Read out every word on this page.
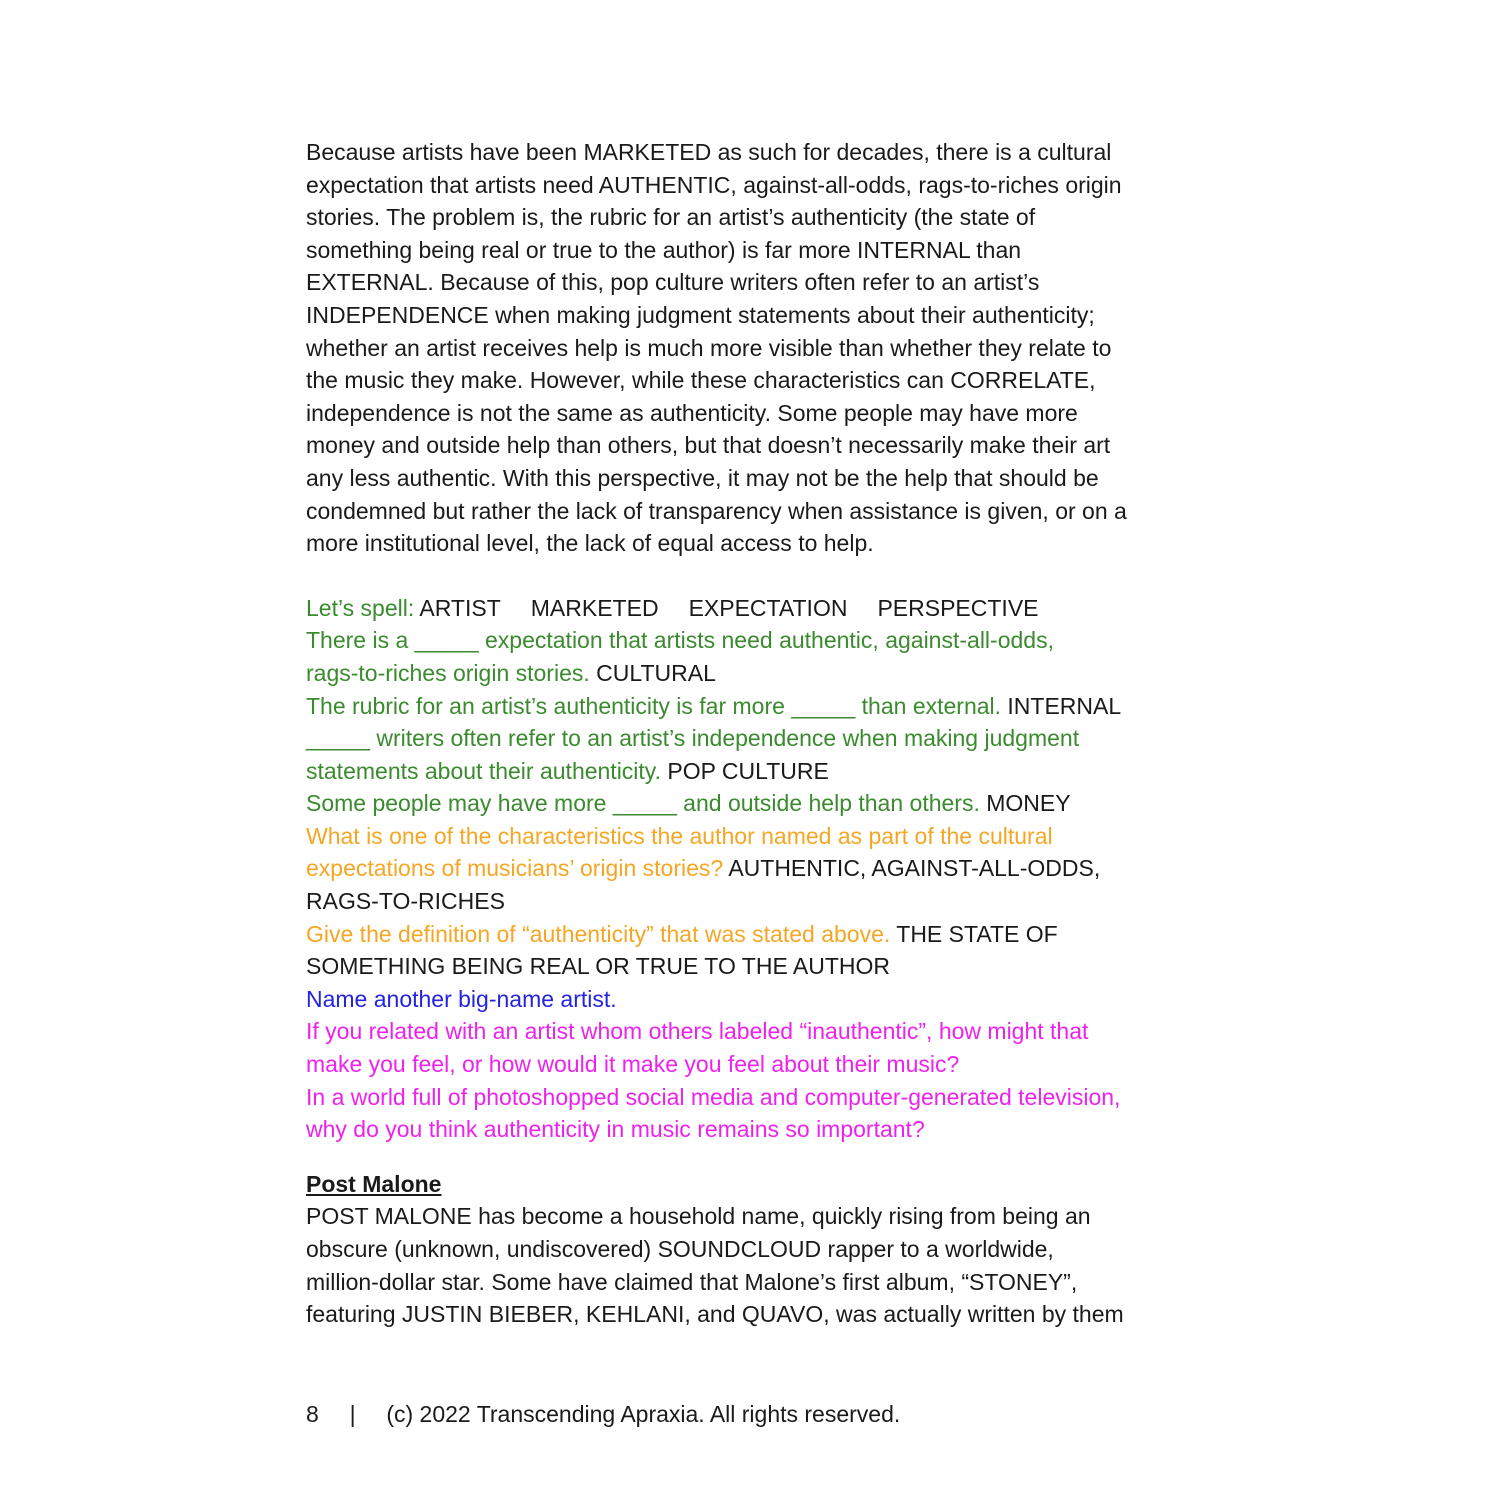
Because artists have been MARKETED as such for decades, there is a cultural
expectation that artists need AUTHENTIC, against-all-odds, rags-to-riches origin
stories. The problem is, the rubric for an artist’s authenticity (the state of
something being real or true to the author) is far more INTERNAL than
EXTERNAL. Because of this, pop culture writers often refer to an artist’s
INDEPENDENCE when making judgment statements about their authenticity;
whether an artist receives help is much more visible than whether they relate to
the music they make. However, while these characteristics can CORRELATE,
independence is not the same as authenticity. Some people may have more
money and outside help than others, but that doesn’t necessarily make their art
any less authentic. With this perspective, it may not be the help that should be
condemned but rather the lack of transparency when assistance is given, or on a
more institutional level, the lack of equal access to help.
Let’s spell: ARTIST MARKETED EXPECTATION PERSPECTIVE
There is a _____ expectation that artists need authentic, against-all-odds,
rags-to-riches origin stories. CULTURAL
The rubric for an artist’s authenticity is far more _____ than external. INTERNAL
_____ writers often refer to an artist’s independence when making judgment
statements about their authenticity. POP CULTURE
Some people may have more _____ and outside help than others. MONEY
What is one of the characteristics the author named as part of the cultural
expectations of musicians’ origin stories? AUTHENTIC, AGAINST-ALL-ODDS,
RAGS-TO-RICHES
Give the definition of “authenticity” that was stated above. THE STATE OF
SOMETHING BEING REAL OR TRUE TO THE AUTHOR
Name another big-name artist.
If you related with an artist whom others labeled “inauthentic”, how might that
make you feel, or how would it make you feel about their music?
In a world full of photoshopped social media and computer-generated television,
why do you think authenticity in music remains so important?
Post Malone
POST MALONE has become a household name, quickly rising from being an
obscure (unknown, undiscovered) SOUNDCLOUD rapper to a worldwide,
million-dollar star. Some have claimed that Malone’s first album, “STONEY”,
featuring JUSTIN BIEBER, KEHLANI, and QUAVO, was actually written by them
8 | (c) 2022 Transcending Apraxia. All rights reserved.
